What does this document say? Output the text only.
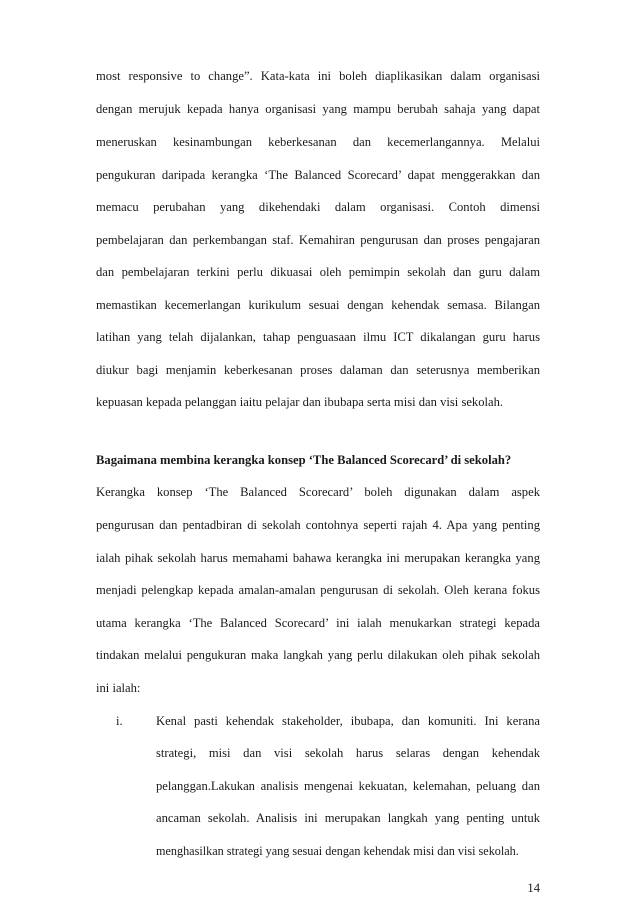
most responsive to change”. Kata-kata ini boleh diaplikasikan dalam organisasi
dengan merujuk kepada hanya organisasi yang mampu berubah sahaja yang dapat
meneruskan kesinambungan keberkesanan dan kecemerlangannya. Melalui
pengukuran daripada kerangka ‘The Balanced Scorecard’ dapat menggerakkan dan
memacu perubahan yang dikehendaki dalam organisasi. Contoh dimensi
pembelajaran dan perkembangan staf. Kemahiran pengurusan dan proses pengajaran
dan pembelajaran terkini perlu dikuasai oleh pemimpin sekolah dan guru dalam
memastikan kecemerlangan kurikulum sesuai dengan kehendak semasa. Bilangan
latihan yang telah dijalankan, tahap penguasaan ilmu ICT dikalangan guru harus
diukur bagi menjamin keberkesanan proses dalaman dan seterusnya memberikan
kepuasan kepada pelanggan iaitu pelajar dan ibubapa serta misi dan visi sekolah.
Bagaimana membina kerangka konsep ‘The Balanced Scorecard’ di sekolah?
Kerangka konsep ‘The Balanced Scorecard’ boleh digunakan dalam aspek
pengurusan dan pentadbiran di sekolah contohnya seperti rajah 4. Apa yang penting
ialah pihak sekolah harus memahami bahawa kerangka ini merupakan kerangka yang
menjadi pelengkap kepada amalan-amalan pengurusan di sekolah. Oleh kerana fokus
utama kerangka ‘The Balanced Scorecard’ ini ialah menukarkan strategi kepada
tindakan melalui pengukuran maka langkah yang perlu dilakukan oleh pihak sekolah
ini ialah:
i.	Kenal pasti kehendak stakeholder, ibubapa, dan komuniti. Ini kerana
strategi, misi dan visi sekolah harus selaras dengan kehendak
pelanggan.Lakukan analisis mengenai kekuatan, kelemahan, peluang dan
ancaman sekolah. Analisis ini merupakan langkah yang penting untuk
menghasilkan strategi yang sesuai dengan kehendak misi dan visi sekolah.
14
